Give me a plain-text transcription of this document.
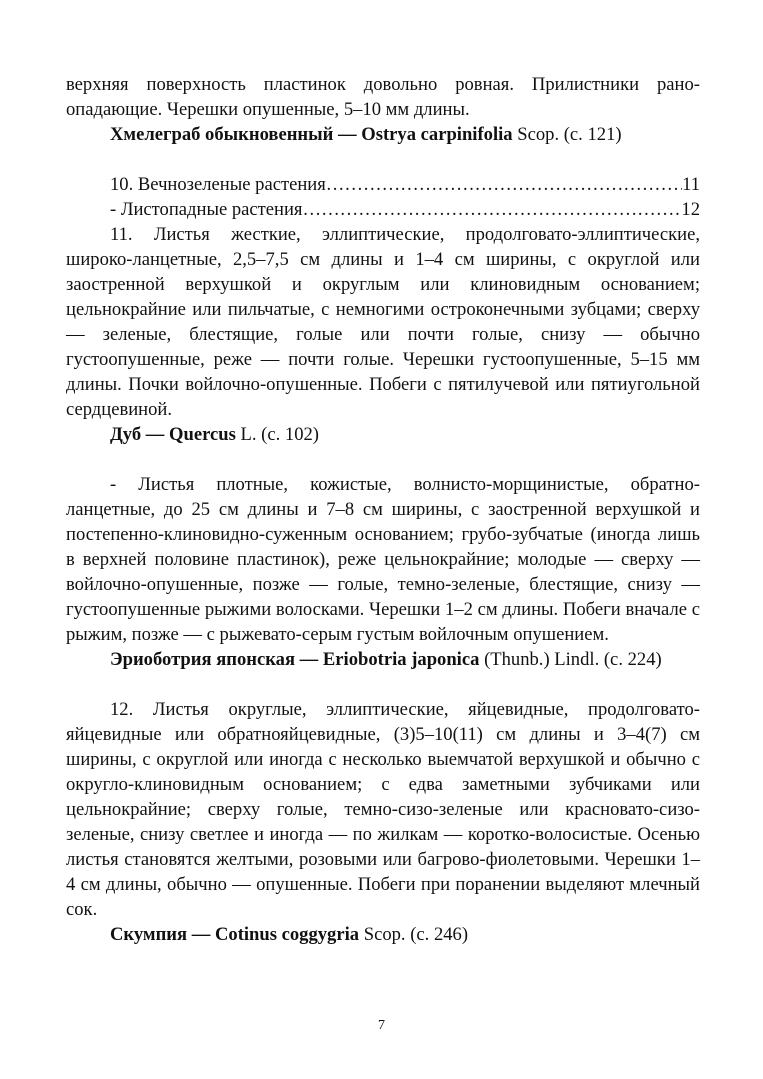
верхняя поверхность пластинок довольно ровная. Прилистники рано-опадающие. Черешки опушенные, 5–10 мм длины.

Хмелеграб обыкновенный — Ostrya carpinifolia Scop. (с. 121)

10. Вечнозеленые растения ………………………………………………………………………………	11
- Листопадные растения ………………………………………………………………………………	12

11. Листья жесткие, эллиптические, продолговато-эллиптические, широко-ланцетные, 2,5–7,5 см длины и 1–4 см ширины, с округлой или заостренной верхушкой и округлым или клиновидным основанием; цельнокрайние или пильчатые, с немногими остроконечными зубцами; сверху — зеленые, блестящие, голые или почти голые, снизу — обычно густоопушенные, реже — почти голые. Черешки густоопушенные, 5–15 мм длины. Почки войлочно-опушенные. Побеги с пятилучевой или пятиугольной сердцевиной.

Дуб — Quercus L. (с. 102)

- Листья плотные, кожистые, волнисто-морщинистые, обратно-ланцетные, до 25 см длины и 7–8 см ширины, с заостренной верхушкой и постепенно-клиновидно-суженным основанием; грубо-зубчатые (иногда лишь в верхней половине пластинок), реже цельнокрайние; молодые — сверху — войлочно-опушенные, позже — голые, темно-зеленые, блестящие, снизу — густоопушенные рыжими волосками. Черешки 1–2 см длины. Побеги вначале с рыжим, позже — с рыжевато-серым густым войлочным опушением.

Эриоботрия японская — Eriobotria japonica (Thunb.) Lindl. (с. 224)

12. Листья округлые, эллиптические, яйцевидные, продолговато-яйцевидные или обратнояйцевидные, (3)5–10(11) см длины и 3–4(7) см ширины, с округлой или иногда с несколько выемчатой верхушкой и обычно с округло-клиновидным основанием; с едва заметными зубчиками или цельнокрайние; сверху голые, темно-сизо-зеленые или красновато-сизо-зеленые, снизу светлее и иногда — по жилкам — коротко-волосистые. Осенью листья становятся желтыми, розовыми или багрово-фиолетовыми. Черешки 1–4 см длины, обычно — опушенные. Побеги при поранении выделяют млечный сок.

Скумпия — Cotinus coggygria Scop. (с. 246)

7
